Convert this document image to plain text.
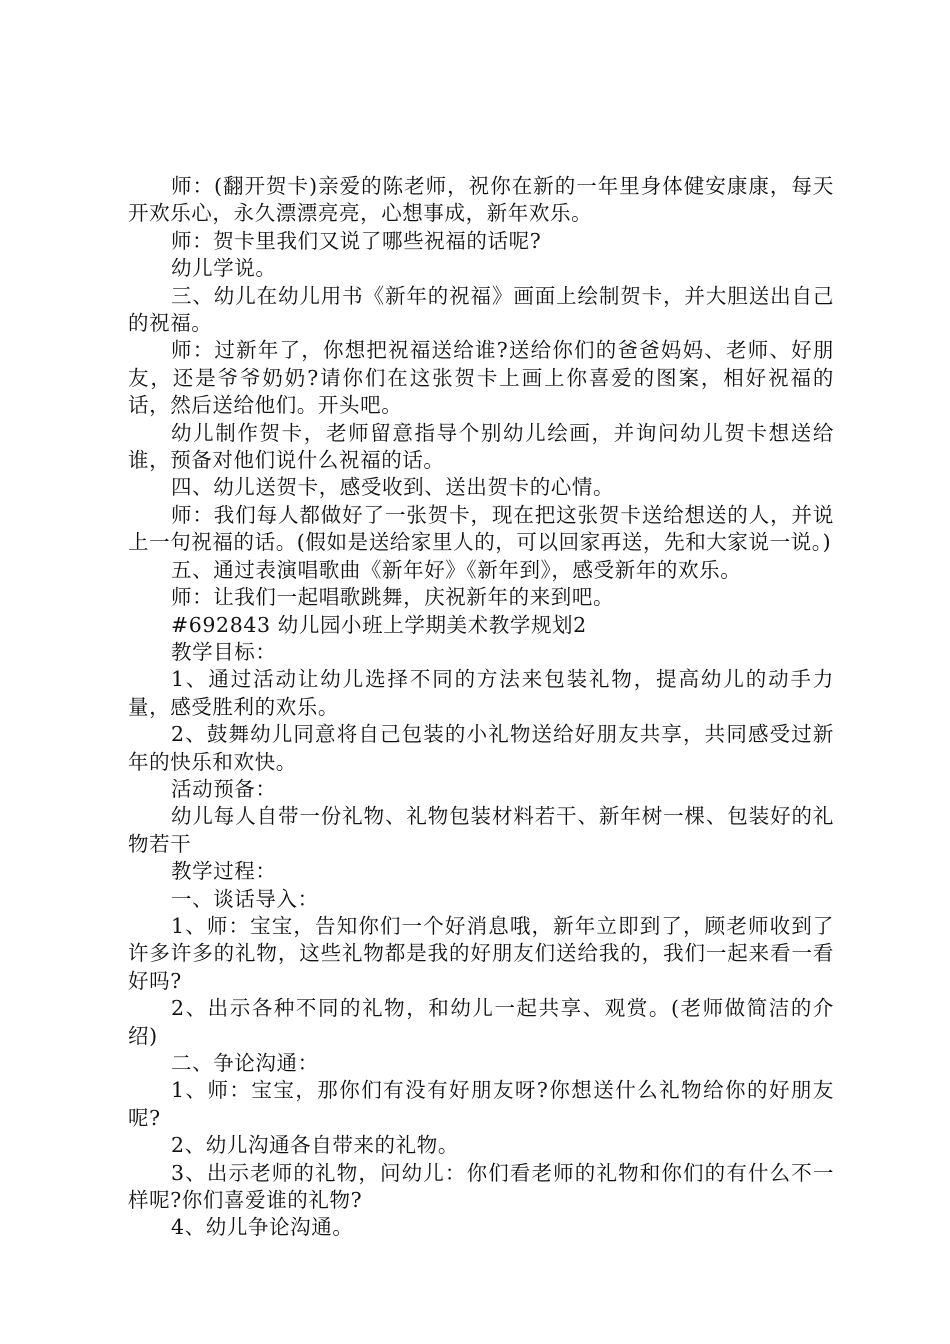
师：(翻开贺卡)亲爱的陈老师，祝你在新的一年里身体健安康康，每天开欢乐心，永久漂漂亮亮，心想事成，新年欢乐。

师：贺卡里我们又说了哪些祝福的话呢?

幼儿学说。

三、幼儿在幼儿用书《新年的祝福》画面上绘制贺卡，并大胆送出自己的祝福。

师：过新年了，你想把祝福送给谁?送给你们的爸爸妈妈、老师、好朋友，还是爷爷奶奶?请你们在这张贺卡上画上你喜爱的图案，相好祝福的话，然后送给他们。开头吧。

幼儿制作贺卡，老师留意指导个别幼儿绘画，并询问幼儿贺卡想送给谁，预备对他们说什么祝福的话。

四、幼儿送贺卡，感受收到、送出贺卡的心情。

师：我们每人都做好了一张贺卡，现在把这张贺卡送给想送的人，并说上一句祝福的话。(假如是送给家里人的，可以回家再送，先和大家说一说。)

五、通过表演唱歌曲《新年好》《新年到》，感受新年的欢乐。

师：让我们一起唱歌跳舞，庆祝新年的来到吧。

#692843 幼儿园小班上学期美术教学规划2

教学目标：

1、通过活动让幼儿选择不同的方法来包装礼物，提高幼儿的动手力量，感受胜利的欢乐。

2、鼓舞幼儿同意将自己包装的小礼物送给好朋友共享，共同感受过新年的快乐和欢快。

活动预备：

幼儿每人自带一份礼物、礼物包装材料若干、新年树一棵、包装好的礼物若干

教学过程：

一、谈话导入：

1、师：宝宝，告知你们一个好消息哦，新年立即到了，顾老师收到了许多许多的礼物，这些礼物都是我的好朋友们送给我的，我们一起来看一看好吗?

2、出示各种不同的礼物，和幼儿一起共享、观赏。(老师做简洁的介绍)

二、争论沟通：

1、师：宝宝，那你们有没有好朋友呀?你想送什么礼物给你的好朋友呢?

2、幼儿沟通各自带来的礼物。

3、出示老师的礼物，问幼儿：你们看老师的礼物和你们的有什么不一样呢?你们喜爱谁的礼物?

4、幼儿争论沟通。
